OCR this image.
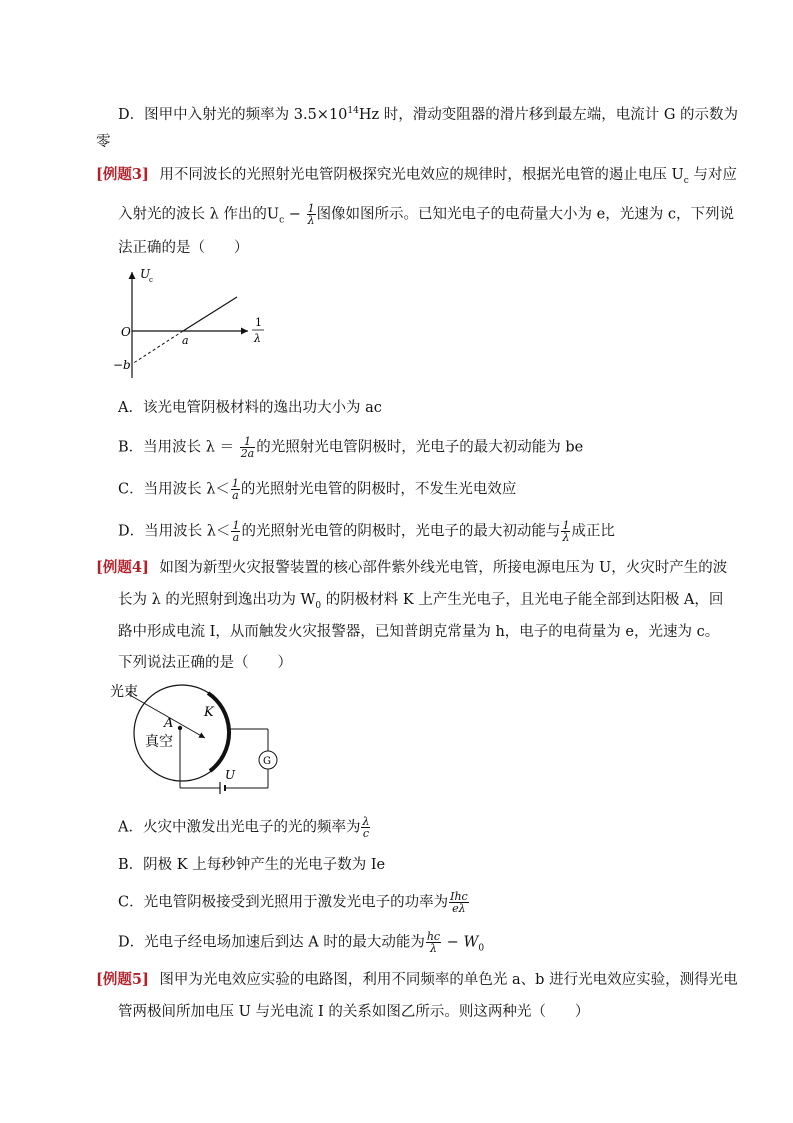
D．图甲中入射光的频率为 $3.5\times 10^{14}Hz$ 时，滑动变阻器的滑片移到最左端，电流计 G 的示数为
零
[例题3] 用不同波长的光照射光电管阴极探究光电效应的规律时，根据光电管的遏止电压 $U_c$ 与对应
入射光的波长 λ 作出的$U_c - \frac{1}{\lambda}$ 图像如图所示。已知光电子的电荷量大小为 e，光速为 c，下列说
法正确的是（　　）
U
c
O
a
−b
1
λ
A．该光电管阴极材料的逸出功大小为 ac
B．当用波长 $\lambda = \frac{1}{2a}$ 的光照射光电管阴极时，光电子的最大初动能为 be
C．当用波长 $\lambda< \frac{1}{a}$ 的光照射光电管的阴极时，不发生光电效应
D．当用波长 $\lambda< \frac{1}{a}$ 的光照射光电管的阴极时，光电子的最大初动能与 $\frac{1}{\lambda}$ 成正比
[例题4] 如图为新型火灾报警装置的核心部件紫外线光电管，所接电源电压为 U，火灾时产生的波
长为 λ 的光照射到逸出功为 $W_0$ 的阴极材料 K 上产生光电子，且光电子能全部到达阳极 A，回
路中形成电流 I，从而触发火灾报警器，已知普朗克常量为 h，电子的电荷量为 e，光速为 c。
下列说法正确的是（　　）
光束
K
A
真空
G
U
A．火灾中激发出光电子的光的频率为 $\frac{\lambda}{c}$
B．阴极 K 上每秒钟产生的光电子数为 Ie
C．光电管阴极接受到光照用于激发光电子的功率为 $\frac{\text{Ihc}}{e\lambda}$
D．光电子经电场加速后到达 A 时的最大动能为 $\frac{hc}{\lambda} - W_0$
[例题5] 图甲为光电效应实验的电路图，利用不同频率的单色光 a、b 进行光电效应实验，测得光电
管两极间所加电压 U 与光电流 I 的关系如图乙所示。则这两种光（　　）
